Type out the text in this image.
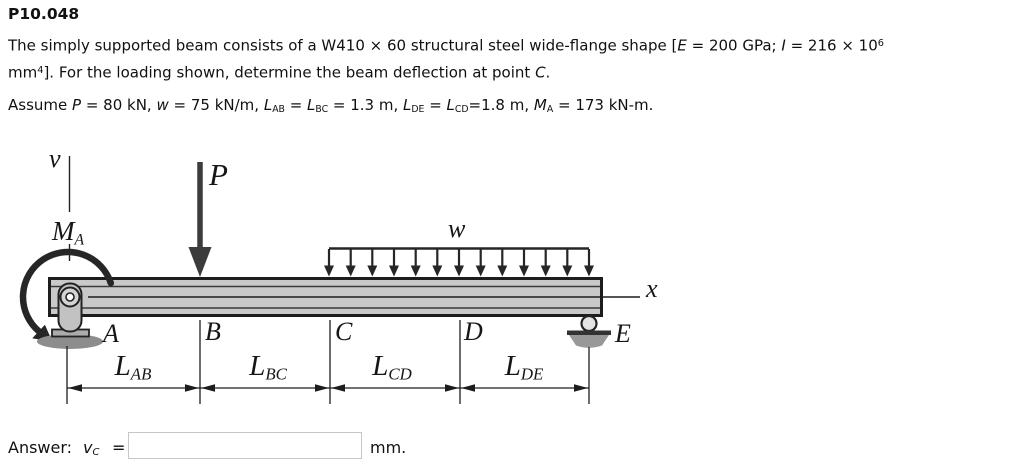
P10.048
The simply supported beam consists of a W410 × 60 structural steel wide-flange shape [E = 200 GPa; $I = 216 \times 10^6$
$mm^4$]. For the loading shown, determine the beam deflection at point C.
Assume P = 80 kN, w = 75 kN/m, $L_{AB} = L_{BC} = 1.3$ m, $L_{DE} = L_{CD}=1.8$ m, $M_A = 173$ kN-m.
v
$M_A$
P
w
x
A	B	C	D	E
$L_{AB}$	$L_{BC}$	$L_{CD}$	$L_{DE}$
Answer: $v_C$ =	mm.
